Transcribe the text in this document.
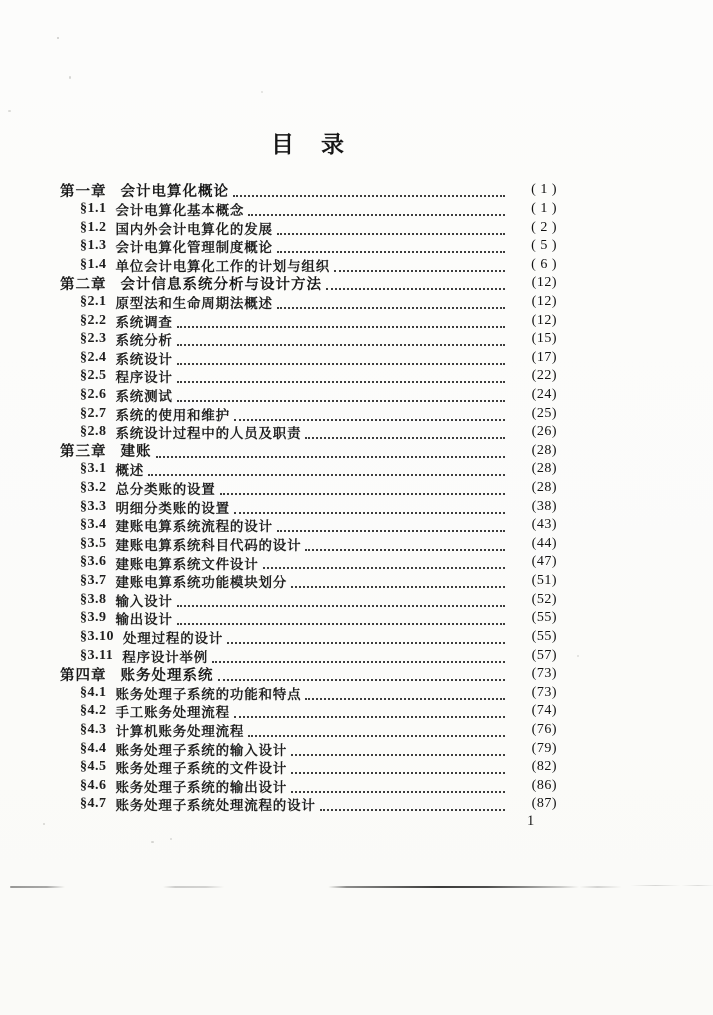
目　录
第一章 会计电算化概论	( 1 )
§1.1 会计电算化基本概念	( 1 )
§1.2 国内外会计电算化的发展	( 2 )
§1.3 会计电算化管理制度概论	( 5 )
§1.4 单位会计电算化工作的计划与组织	( 6 )
第二章 会计信息系统分析与设计方法	(12)
§2.1 原型法和生命周期法概述	(12)
§2.2 系统调查	(12)
§2.3 系统分析	(15)
§2.4 系统设计	(17)
§2.5 程序设计	(22)
§2.6 系统测试	(24)
§2.7 系统的使用和维护	(25)
§2.8 系统设计过程中的人员及职责	(26)
第三章 建账	(28)
§3.1 概述	(28)
§3.2 总分类账的设置	(28)
§3.3 明细分类账的设置	(38)
§3.4 建账电算系统流程的设计	(43)
§3.5 建账电算系统科目代码的设计	(44)
§3.6 建账电算系统文件设计	(47)
§3.7 建账电算系统功能模块划分	(51)
§3.8 输入设计	(52)
§3.9 输出设计	(55)
§3.10 处理过程的设计	(55)
§3.11 程序设计举例	(57)
第四章 账务处理系统	(73)
§4.1 账务处理子系统的功能和特点	(73)
§4.2 手工账务处理流程	(74)
§4.3 计算机账务处理流程	(76)
§4.4 账务处理子系统的输入设计	(79)
§4.5 账务处理子系统的文件设计	(82)
§4.6 账务处理子系统的输出设计	(86)
§4.7 账务处理子系统处理流程的设计	(87)
1
